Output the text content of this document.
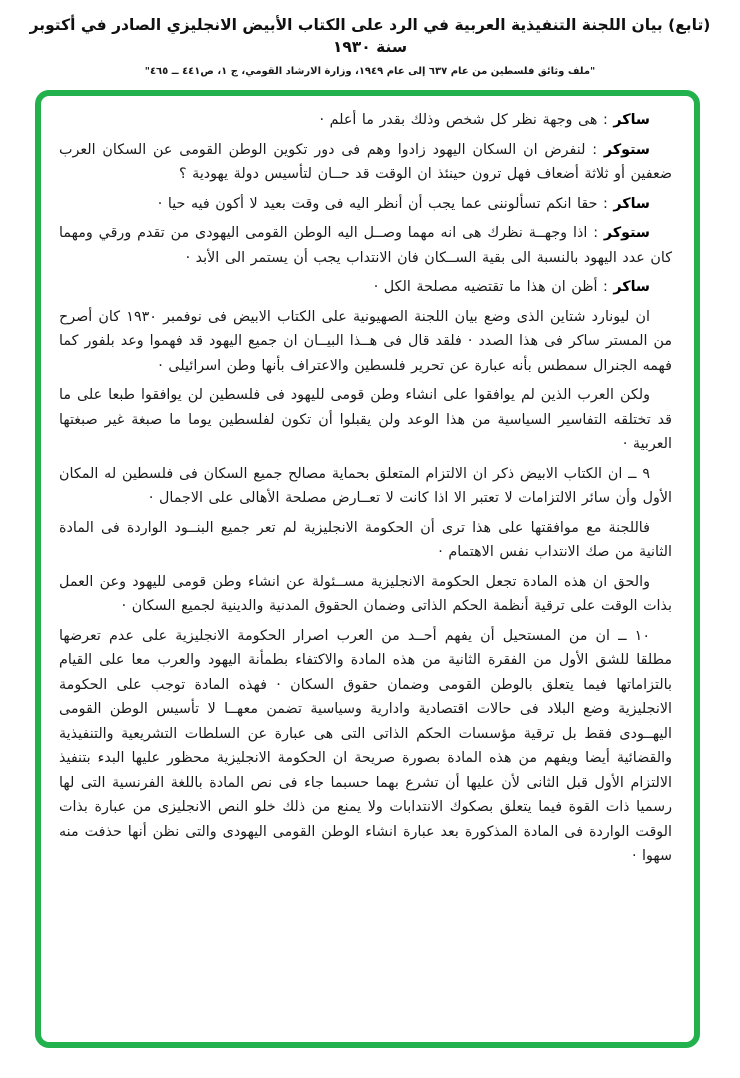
(تابع) بيان اللجنة التنفيذية العربية في الرد على الكتاب الأبيض الانجليزي الصادر في أكتوبر سنة ١٩٣٠
"ملف وثائق فلسطين من عام ٦٣٧ إلى عام ١٩٤٩، وزارة الارشاد القومي، ج ١، ص٤٤١ ــ ٤٦٥"

ساكر : هى وجهة نظر كل شخص وذلك بقدر ما أعلم ·

ستوكر : لنفرض ان السكان اليهود زادوا وهم فى دور تكوين الوطن القومى عن السكان العرب ضعفين أو ثلاثة أضعاف فهل ترون حينئذ ان الوقت قد حــان لتأسيس دولة يهودية ؟

ساكر : حقا انكم تسألوننى عما يجب أن أنظر اليه فى وقت بعيد لا أكون فيه حيا ·

ستوكر : اذا وجهــة نظرك هى انه مهما وصــل اليه الوطن القومى اليهودى من تقدم ورقي ومهما كان عدد اليهود بالنسبة الى بقية الســكان فان الانتداب يجب أن يستمر الى الأبد ·

ساكر : أظن ان هذا ما تقتضيه مصلحة الكل ·

ان ليونارد شتاين الذى وضع بيان اللجنة الصهيونية على الكتاب الابيض فى نوفمبر ١٩٣٠ كان أصرح من المستر ساكر فى هذا الصدد · فلقد قال فى هــذا البيــان ان جميع اليهود قد فهموا وعد بلفور كما فهمه الجنرال سمطس بأنه عبارة عن تحرير فلسطين والاعتراف بأنها وطن اسرائيلى ·

ولكن العرب الذين لم يوافقوا على انشاء وطن قومى لليهود فى فلسطين لن يوافقوا طبعا على ما قد تختلقه التفاسير السياسية من هذا الوعد ولن يقبلوا أن تكون لفلسطين يوما ما صبغة غير صبغتها العربية ·

٩ ــ ان الكتاب الابيض ذكر ان الالتزام المتعلق بحماية مصالح جميع السكان فى فلسطين له المكان الأول وأن سائر الالتزامات لا تعتبر الا اذا كانت لا تعــارض مصلحة الأهالى على الاجمال ·

فاللجنة مع موافقتها على هذا ترى أن الحكومة الانجليزية لم تعر جميع البنــود الواردة فى المادة الثانية من صك الانتداب نفس الاهتمام ·

والحق ان هذه المادة تجعل الحكومة الانجليزية مســئولة عن انشاء وطن قومى لليهود وعن العمل بذات الوقت على ترقية أنظمة الحكم الذاتى وضمان الحقوق المدنية والدينية لجميع السكان ·

١٠ ــ ان من المستحيل أن يفهم أحــد من العرب اصرار الحكومة الانجليزية على عدم تعرضها مطلقا للشق الأول من الفقرة الثانية من هذه المادة والاكتفاء بطمأنة اليهود والعرب معا على القيام بالتزاماتها فيما يتعلق بالوطن القومى وضمان حقوق السكان · فهذه المادة توجب على الحكومة الانجليزية وضع البلاد فى حالات اقتصادية وادارية وسياسية تضمن معهــا لا تأسيس الوطن القومى اليهــودى فقط بل ترقية مؤسسات الحكم الذاتى التى هى عبارة عن السلطات التشريعية والتنفيذية والقضائية أيضا ويفهم من هذه المادة بصورة صريحة ان الحكومة الانجليزية محظور عليها البدء بتنفيذ الالتزام الأول قبل الثانى لأن عليها أن تشرع بهما حسبما جاء فى نص المادة باللغة الفرنسية التى لها رسميا ذات القوة فيما يتعلق بصكوك الانتدابات ولا يمنع من ذلك خلو النص الانجليزى من عبارة بذات الوقت الواردة فى المادة المذكورة بعد عبارة انشاء الوطن القومى اليهودى والتى نظن أنها حذفت منه سهوا ·
